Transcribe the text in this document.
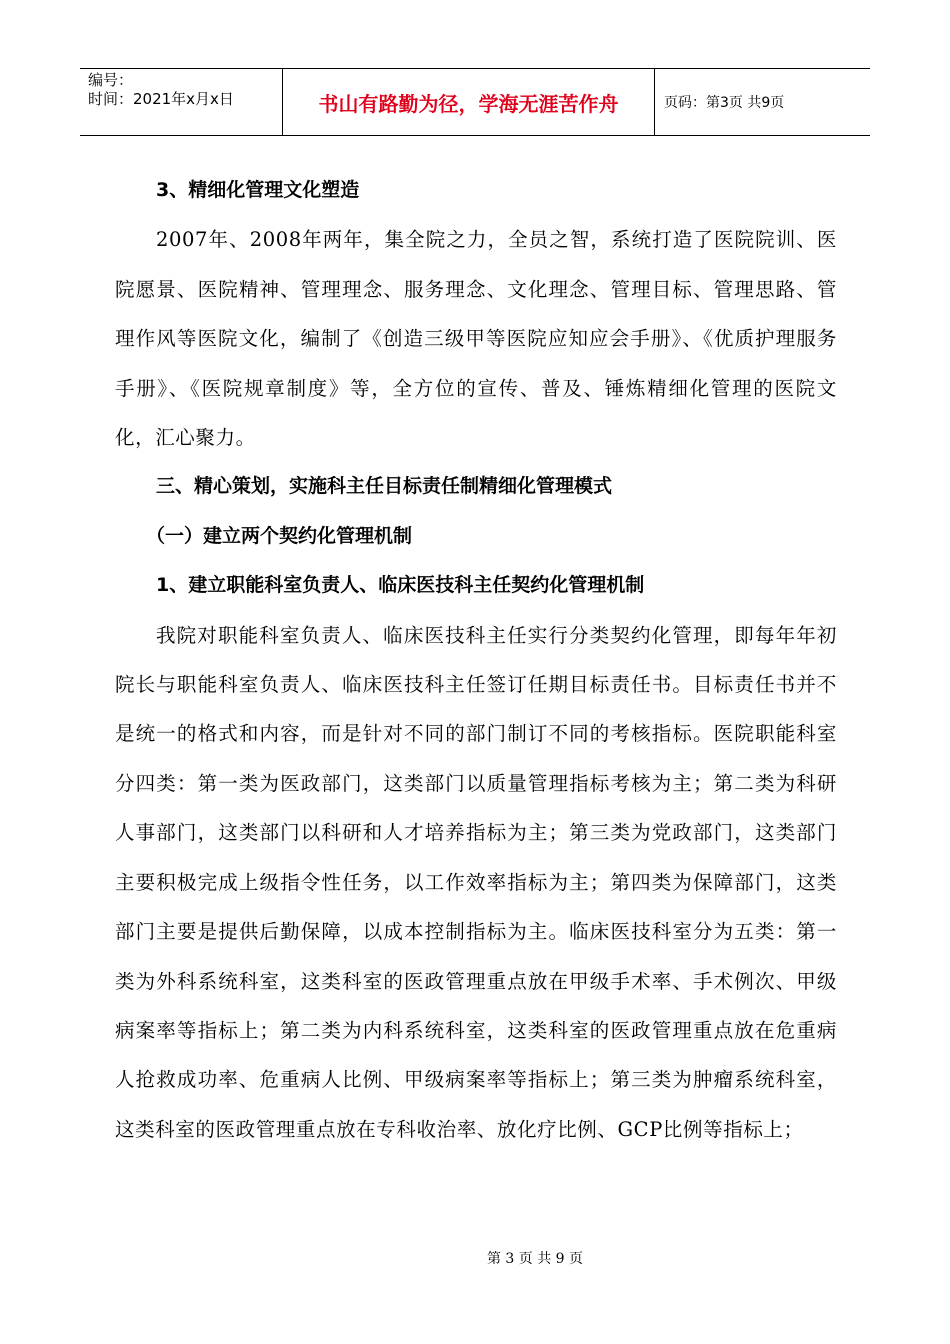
编号：
时间：2021年x月x日	书山有路勤为径，学海无涯苦作舟	页码：第3页 共9页

3、精细化管理文化塑造

2007年、2008年两年，集全院之力，全员之智，系统打造了医院院训、医院愿景、医院精神、管理理念、服务理念、文化理念、管理目标、管理思路、管理作风等医院文化，编制了《创造三级甲等医院应知应会手册》、《优质护理服务手册》、《医院规章制度》等，全方位的宣传、普及、锤炼精细化管理的医院文化，汇心聚力。

三、精心策划，实施科主任目标责任制精细化管理模式

（一）建立两个契约化管理机制

1、建立职能科室负责人、临床医技科主任契约化管理机制

我院对职能科室负责人、临床医技科主任实行分类契约化管理，即每年年初院长与职能科室负责人、临床医技科主任签订任期目标责任书。目标责任书并不是统一的格式和内容，而是针对不同的部门制订不同的考核指标。医院职能科室分四类：第一类为医政部门，这类部门以质量管理指标考核为主；第二类为科研人事部门，这类部门以科研和人才培养指标为主；第三类为党政部门，这类部门主要积极完成上级指令性任务，以工作效率指标为主；第四类为保障部门，这类部门主要是提供后勤保障，以成本控制指标为主。临床医技科室分为五类：第一类为外科系统科室，这类科室的医政管理重点放在甲级手术率、手术例次、甲级病案率等指标上；第二类为内科系统科室，这类科室的医政管理重点放在危重病人抢救成功率、危重病人比例、甲级病案率等指标上；第三类为肿瘤系统科室，这类科室的医政管理重点放在专科收治率、放化疗比例、GCP比例等指标上；

第 3 页 共 9 页
